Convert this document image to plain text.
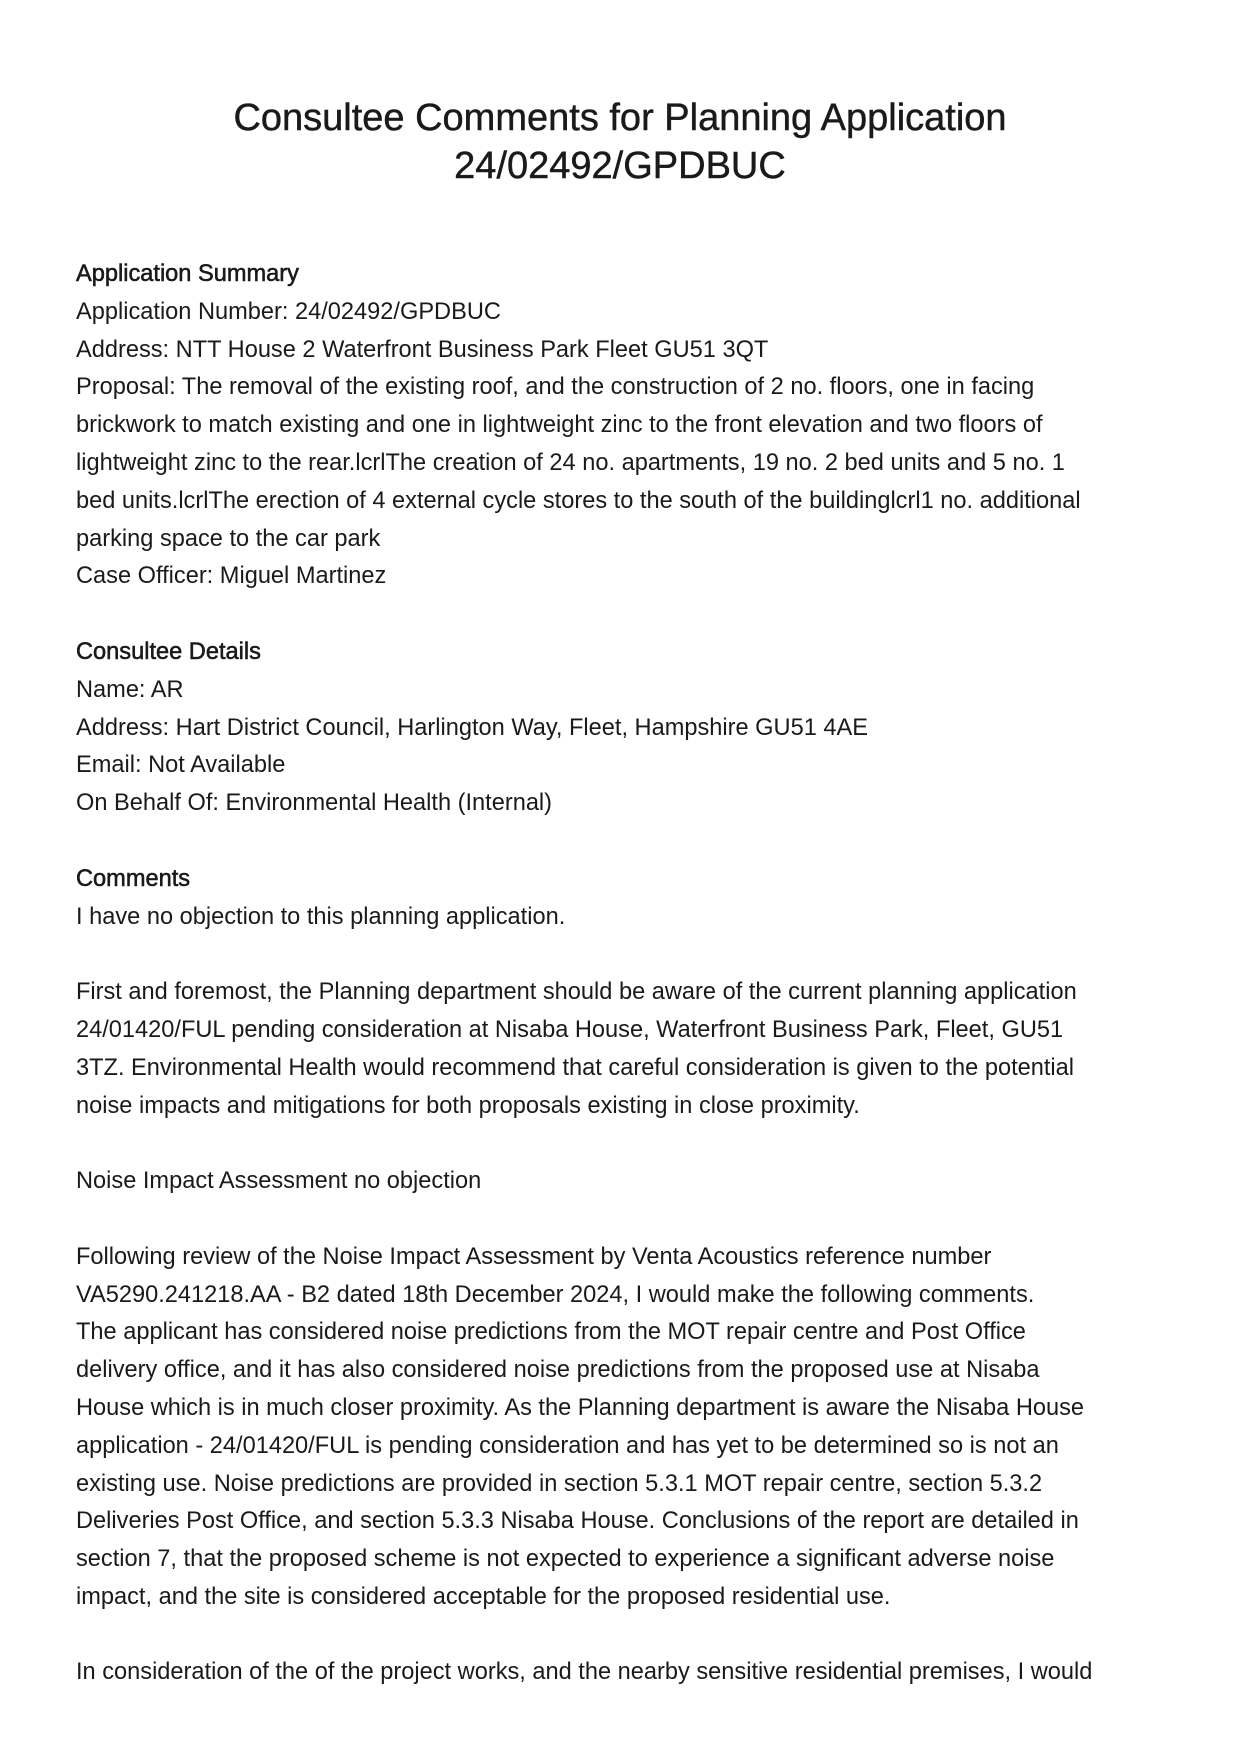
Consultee Comments for Planning Application
24/02492/GPDBUC

Application Summary

Application Number: 24/02492/GPDBUC

Address: NTT House 2 Waterfront Business Park Fleet GU51 3QT

Proposal: The removal of the existing roof, and the construction of 2 no. floors, one in facing

brickwork to match existing and one in lightweight zinc to the front elevation and two floors of

lightweight zinc to the rear.lcrlThe creation of 24 no. apartments, 19 no. 2 bed units and 5 no. 1

bed units.lcrlThe erection of 4 external cycle stores to the south of the buildinglcrl1 no. additional

parking space to the car park

Case Officer: Miguel Martinez

Consultee Details

Name: AR

Address: Hart District Council, Harlington Way, Fleet, Hampshire GU51 4AE

Email: Not Available

On Behalf Of: Environmental Health (Internal)

Comments

I have no objection to this planning application.

First and foremost, the Planning department should be aware of the current planning application

24/01420/FUL pending consideration at Nisaba House, Waterfront Business Park, Fleet, GU51

3TZ. Environmental Health would recommend that careful consideration is given to the potential

noise impacts and mitigations for both proposals existing in close proximity.

Noise Impact Assessment no objection

Following review of the Noise Impact Assessment by Venta Acoustics reference number

VA5290.241218.AA - B2 dated 18th December 2024, I would make the following comments.

The applicant has considered noise predictions from the MOT repair centre and Post Office

delivery office, and it has also considered noise predictions from the proposed use at Nisaba

House which is in much closer proximity. As the Planning department is aware the Nisaba House

application - 24/01420/FUL is pending consideration and has yet to be determined so is not an

existing use. Noise predictions are provided in section 5.3.1 MOT repair centre, section 5.3.2

Deliveries Post Office, and section 5.3.3 Nisaba House. Conclusions of the report are detailed in

section 7, that the proposed scheme is not expected to experience a significant adverse noise

impact, and the site is considered acceptable for the proposed residential use.

In consideration of the of the project works, and the nearby sensitive residential premises, I would
